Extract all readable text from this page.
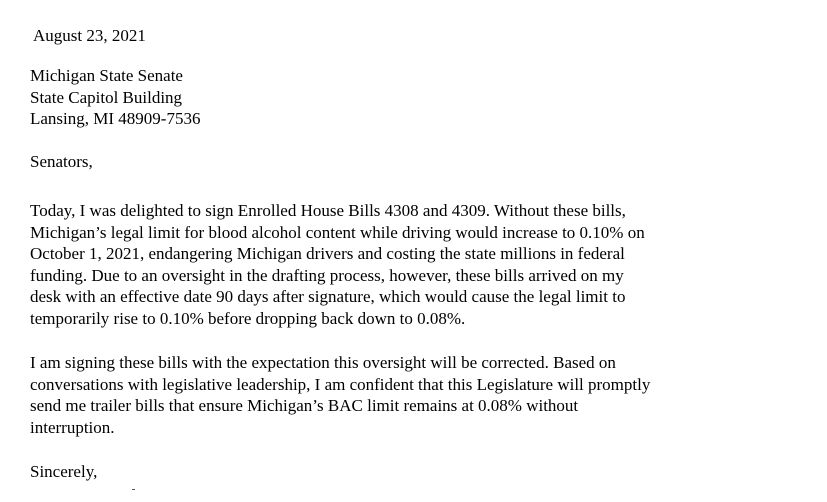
August 23, 2021

Michigan State Senate
State Capitol Building
Lansing, MI 48909-7536

Senators,

Today, I was delighted to sign Enrolled House Bills 4308 and 4309. Without these bills,
Michigan’s legal limit for blood alcohol content while driving would increase to 0.10% on
October 1, 2021, endangering Michigan drivers and costing the state millions in federal
funding. Due to an oversight in the drafting process, however, these bills arrived on my
desk with an effective date 90 days after signature, which would cause the legal limit to
temporarily rise to 0.10% before dropping back down to 0.08%.
I am signing these bills with the expectation this oversight will be corrected. Based on
conversations with legislative leadership, I am confident that this Legislature will promptly
send me trailer bills that ensure Michigan’s BAC limit remains at 0.08% without
interruption.

Sincerely,
